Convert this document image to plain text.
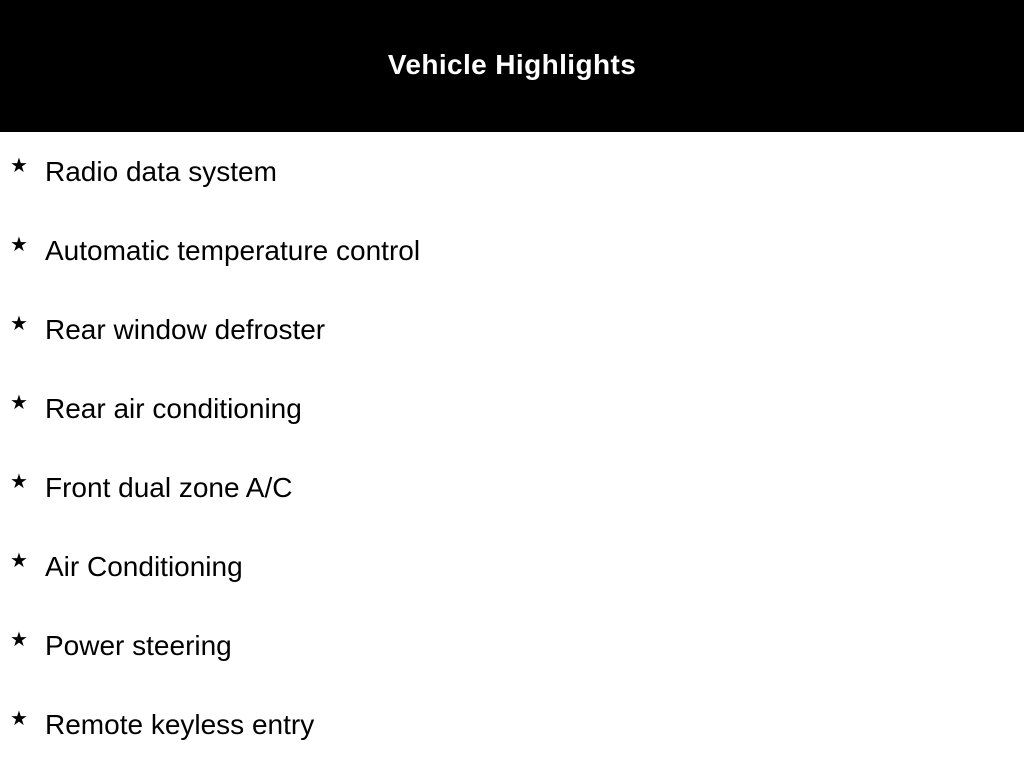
Vehicle Highlights
★ Radio data system
★ Automatic temperature control
★ Rear window defroster
★ Rear air conditioning
★ Front dual zone A/C
★ Air Conditioning
★ Power steering
★ Remote keyless entry
